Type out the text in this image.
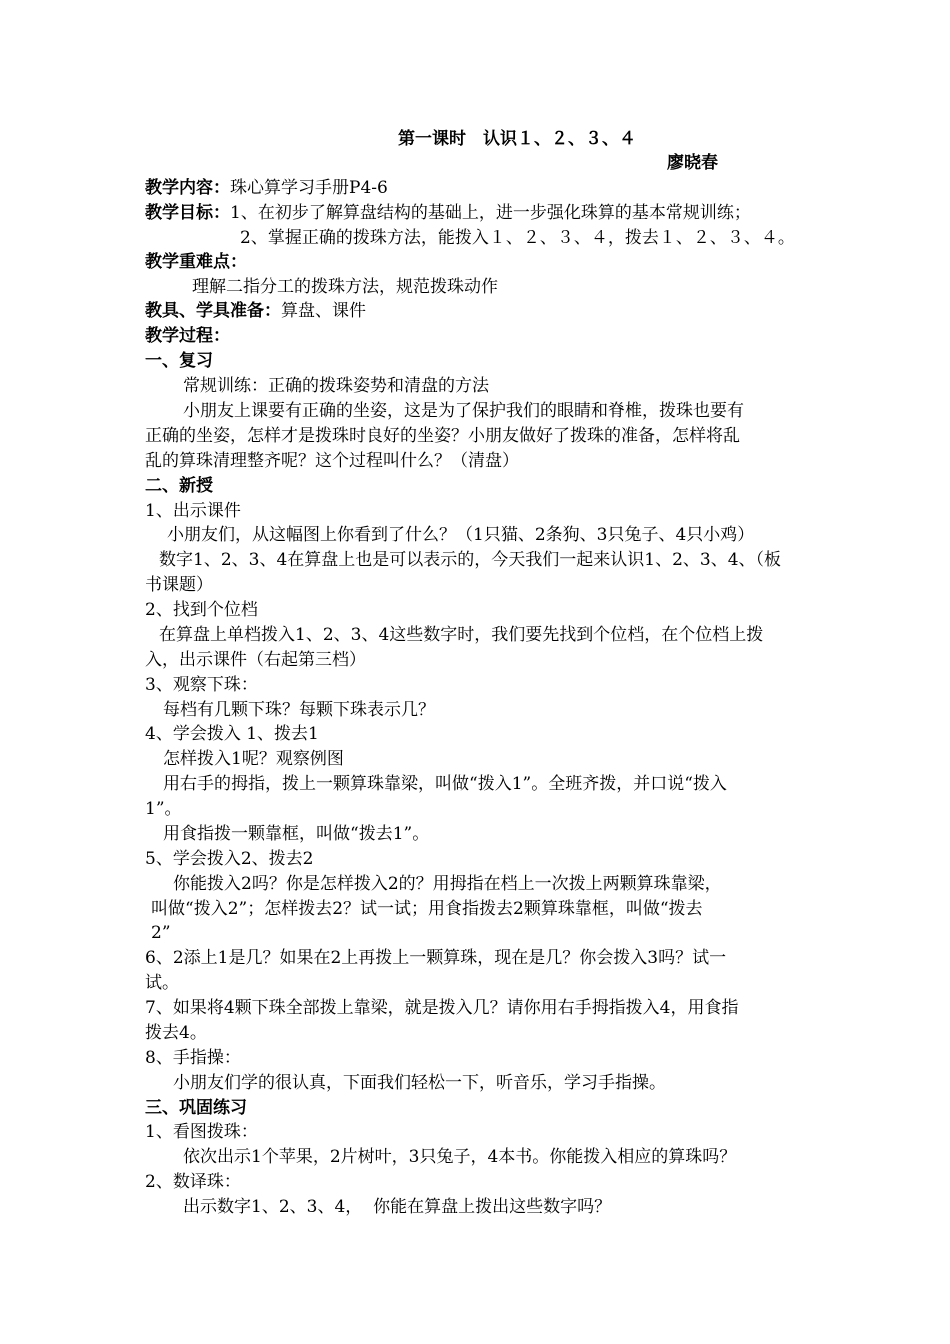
第一课时　认识１、２、３、４
廖晓春
教学内容：珠心算学习手册P4-6
教学目标：1、在初步了解算盘结构的基础上，进一步强化珠算的基本常规训练；
2、掌握正确的拨珠方法，能拨入１、２、３、４，拨去１、２、３、４。
教学重难点：
理解二指分工的拨珠方法，规范拨珠动作
教具、学具准备：算盘、课件
教学过程：
一、复习
常规训练：正确的拨珠姿势和清盘的方法
小朋友上课要有正确的坐姿，这是为了保护我们的眼睛和脊椎，拨珠也要有
正确的坐姿，怎样才是拨珠时良好的坐姿？小朋友做好了拨珠的准备，怎样将乱
乱的算珠清理整齐呢？这个过程叫什么？（清盘）
二、新授
1、出示课件
小朋友们，从这幅图上你看到了什么？（1只猫、2条狗、3只兔子、4只小鸡）
数字1、2、3、4在算盘上也是可以表示的，今天我们一起来认识1、2、3、4、（板
书课题）
2、找到个位档
在算盘上单档拨入1、2、3、4这些数字时，我们要先找到个位档，在个位档上拨
入，出示课件（右起第三档）
3、观察下珠：
每档有几颗下珠？每颗下珠表示几？
4、学会拨入 1、拨去1
怎样拨入1呢？观察例图
用右手的拇指，拨上一颗算珠靠梁，叫做“拨入1”。全班齐拨，并口说“拨入
1”。
用食指拨一颗靠框，叫做“拨去1”。
5、学会拨入2、拨去2
你能拨入2吗？你是怎样拨入2的？用拇指在档上一次拨上两颗算珠靠梁，
叫做“拨入2”；怎样拨去2？试一试；用食指拨去2颗算珠靠框，叫做“拨去
2”
6、2添上1是几？如果在2上再拨上一颗算珠，现在是几？你会拨入3吗？试一
试。
7、如果将4颗下珠全部拨上靠梁，就是拨入几？请你用右手拇指拨入4，用食指
拨去4。
8、手指操：
小朋友们学的很认真，下面我们轻松一下，听音乐，学习手指操。
三、巩固练习
1、看图拨珠：
依次出示1个苹果，2片树叶，3只兔子，4本书。你能拨入相应的算珠吗？
2、数译珠：
出示数字1、2、3、4，  你能在算盘上拨出这些数字吗？
